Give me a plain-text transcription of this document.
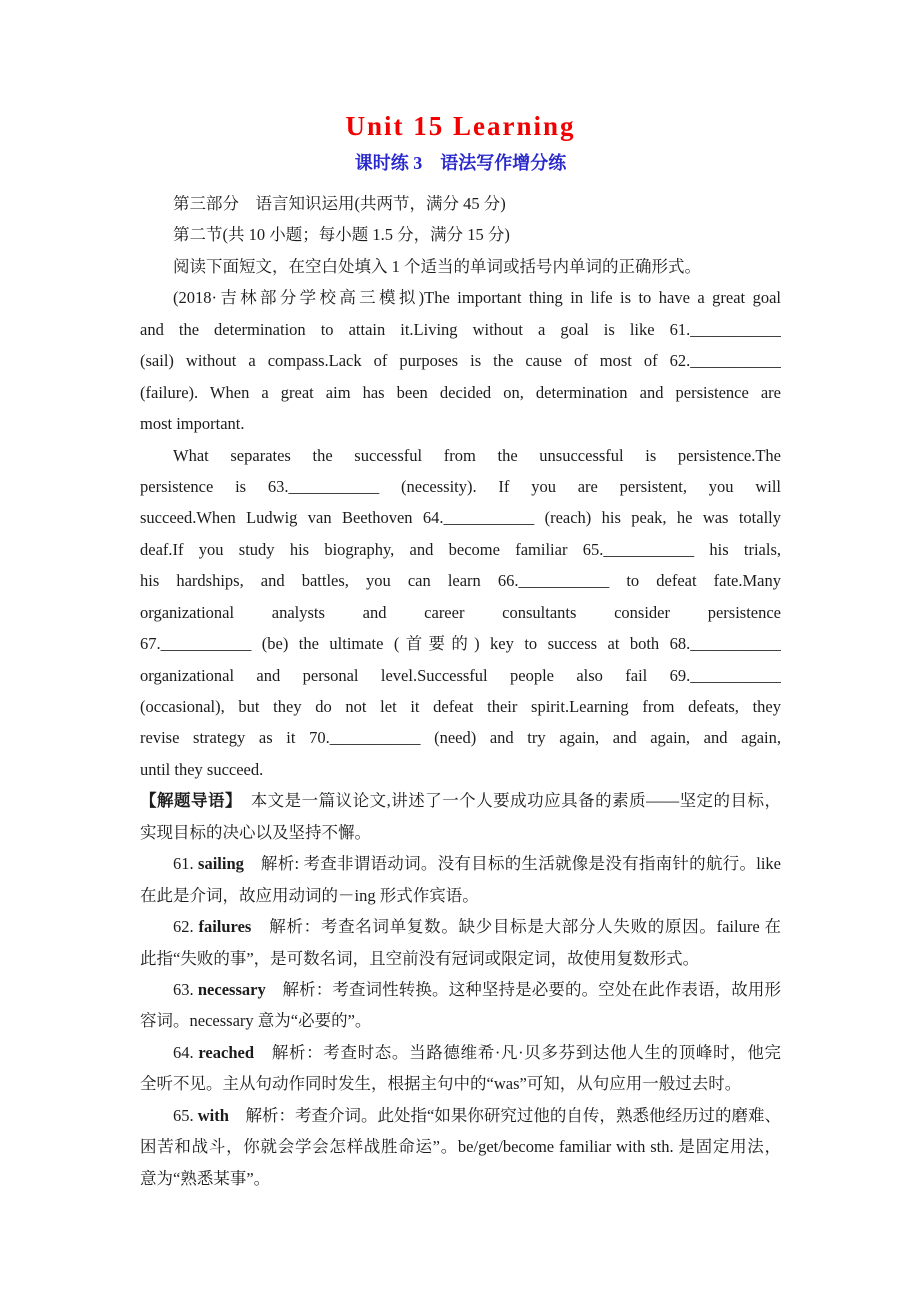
Unit 15 Learning
课时练 3　语法写作增分练
第三部分　语言知识运用(共两节，满分 45 分)
第二节(共 10 小题；每小题 1.5 分，满分 15 分)
阅读下面短文，在空白处填入 1 个适当的单词或括号内单词的正确形式。
(2018·吉林部分学校高三模拟)The important thing in life is to have a great goal
and the determination to attain it.Living without a goal is like 61.___________
(sail) without a compass.Lack of purposes is the cause of most of 62.___________
(failure). When a great aim has been decided on, determination and persistence are
most important.
What separates the successful from the unsuccessful is persistence.The
persistence is 63.___________ (necessity). If you are persistent, you will
succeed.When Ludwig van Beethoven 64.___________ (reach) his peak, he was totally
deaf.If you study his biography, and become familiar 65.___________ his trials,
his hardships, and battles, you can learn 66.___________ to defeat fate.Many
organizational analysts and career consultants consider persistence
67.___________ (be) the ultimate (首要的) key to success at both 68.___________
organizational and personal level.Successful people also fail 69.___________
(occasional), but they do not let it defeat their spirit.Learning from defeats, they
revise strategy as it 70.___________ (need) and try again, and again, and again,
until they succeed.
【解题导语】　本文是一篇议论文,讲述了一个人要成功应具备的素质——坚定的目标，
实现目标的决心以及坚持不懈。
61. sailing　解析: 考查非谓语动词。没有目标的生活就像是没有指南针的航行。like
在此是介词，故应用动词的－ing 形式作宾语。
62. failures　解析：考查名词单复数。缺少目标是大部分人失败的原因。failure 在
此指“失败的事”，是可数名词，且空前没有冠词或限定词，故使用复数形式。
63. necessary　解析：考查词性转换。这种坚持是必要的。空处在此作表语，故用形
容词。necessary 意为“必要的”。
64. reached　解析：考查时态。当路德维希·凡·贝多芬到达他人生的顶峰时，他完
全听不见。主从句动作同时发生，根据主句中的“was”可知，从句应用一般过去时。
65. with　解析：考查介词。此处指“如果你研究过他的自传，熟悉他经历过的磨难、
困苦和战斗，你就会学会怎样战胜命运”。be/get/become familiar with sth. 是固定用法，
意为“熟悉某事”。
